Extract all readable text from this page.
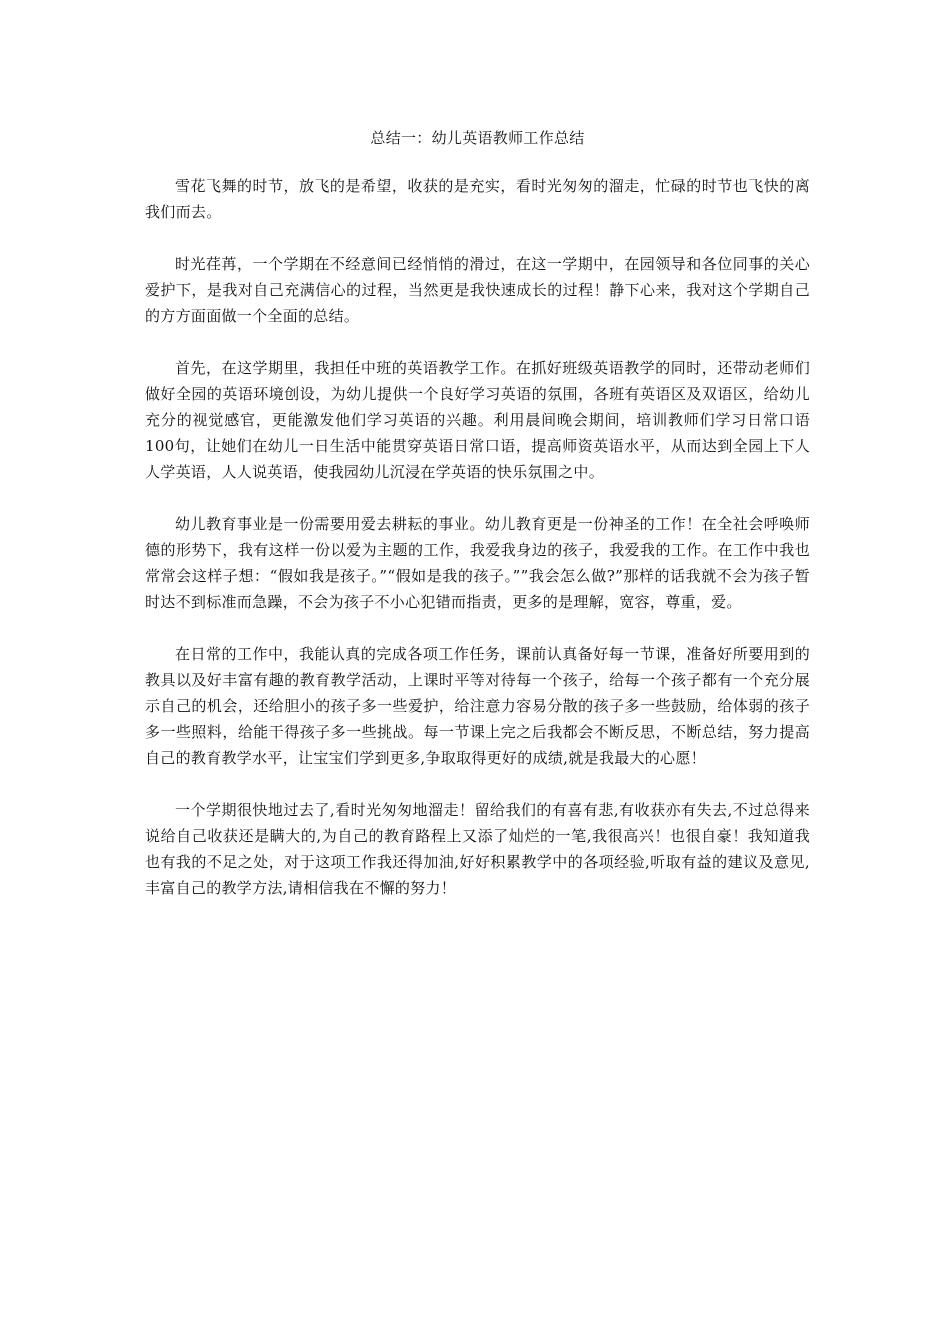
总结一：幼儿英语教师工作总结

雪花飞舞的时节，放飞的是希望，收获的是充实，看时光匆匆的溜走，忙碌的时节也飞快的离我们而去。

时光荏苒，一个学期在不经意间已经悄悄的滑过，在这一学期中，在园领导和各位同事的关心爱护下，是我对自己充满信心的过程，当然更是我快速成长的过程！静下心来，我对这个学期自己的方方面面做一个全面的总结。

首先，在这学期里，我担任中班的英语教学工作。在抓好班级英语教学的同时，还带动老师们做好全园的英语环境创设，为幼儿提供一个良好学习英语的氛围，各班有英语区及双语区，给幼儿充分的视觉感官，更能激发他们学习英语的兴趣。利用晨间晚会期间，培训教师们学习日常口语100句，让她们在幼儿一日生活中能贯穿英语日常口语，提高师资英语水平，从而达到全园上下人人学英语，人人说英语，使我园幼儿沉浸在学英语的快乐氛围之中。

幼儿教育事业是一份需要用爱去耕耘的事业。幼儿教育更是一份神圣的工作！在全社会呼唤师德的形势下，我有这样一份以爱为主题的工作，我爱我身边的孩子，我爱我的工作。在工作中我也常常会这样子想：“假如我是孩子。”“假如是我的孩子。””我会怎么做?”那样的话我就不会为孩子暂时达不到标准而急躁，不会为孩子不小心犯错而指责，更多的是理解，宽容，尊重，爱。

在日常的工作中，我能认真的完成各项工作任务，课前认真备好每一节课，准备好所要用到的教具以及好丰富有趣的教育教学活动，上课时平等对待每一个孩子，给每一个孩子都有一个充分展示自己的机会，还给胆小的孩子多一些爱护，给注意力容易分散的孩子多一些鼓励，给体弱的孩子多一些照料，给能干得孩子多一些挑战。每一节课上完之后我都会不断反思，不断总结，努力提高自己的教育教学水平，让宝宝们学到更多,争取取得更好的成绩,就是我最大的心愿！

一个学期很快地过去了,看时光匆匆地溜走！留给我们的有喜有悲,有收获亦有失去,不过总得来说给自己收获还是瞒大的,为自己的教育路程上又添了灿烂的一笔,我很高兴！也很自豪！我知道我也有我的不足之处，对于这项工作我还得加油,好好积累教学中的各项经验,听取有益的建议及意见,丰富自己的教学方法,请相信我在不懈的努力！
